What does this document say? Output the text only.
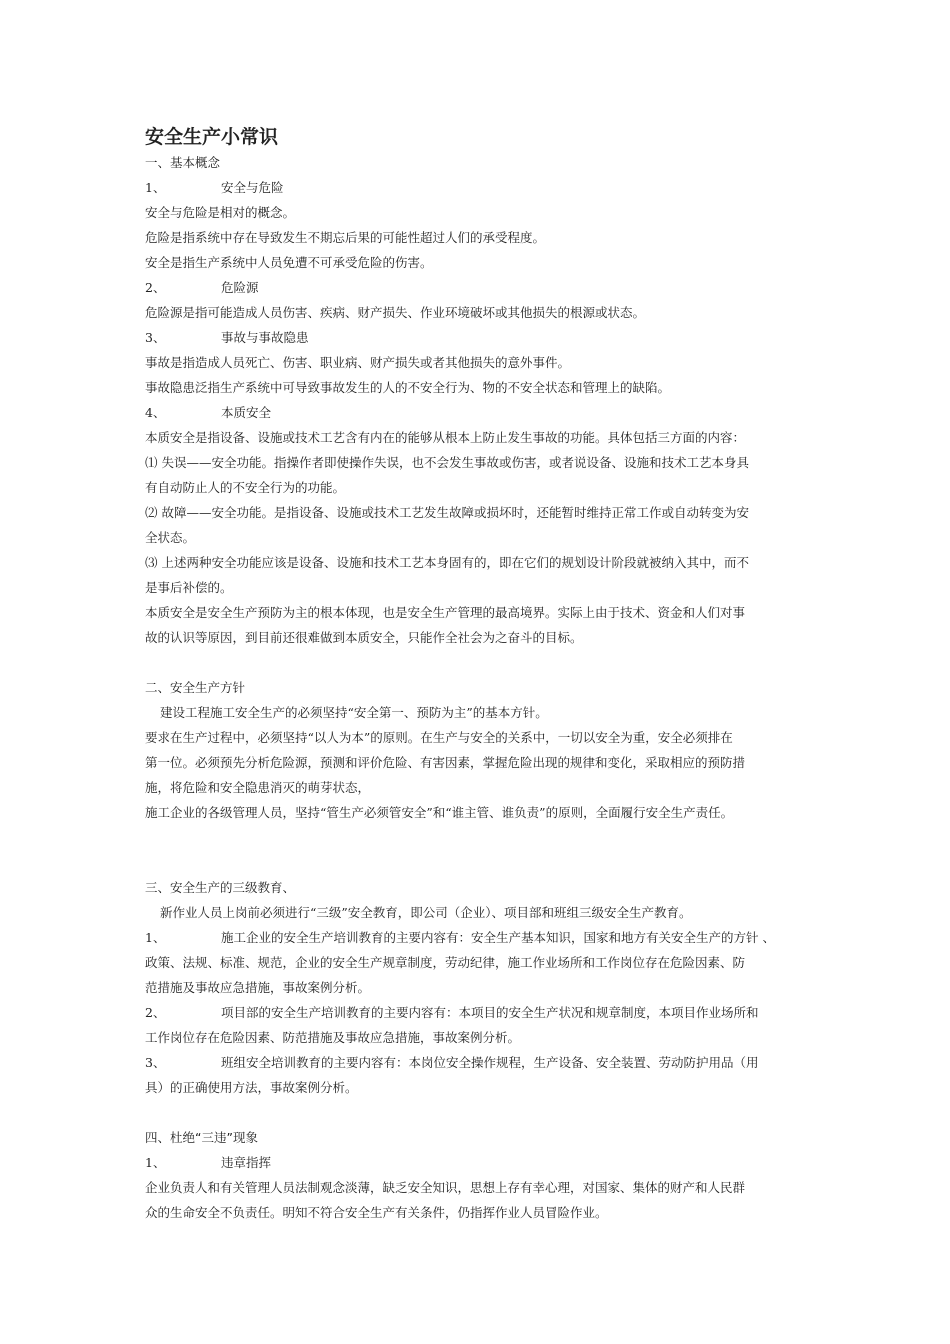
安全生产小常识

一、基本概念

1、	安全与危险

安全与危险是相对的概念。

危险是指系统中存在导致发生不期忘后果的可能性超过人们的承受程度。

安全是指生产系统中人员免遭不可承受危险的伤害。

2、	危险源

危险源是指可能造成人员伤害、疾病、财产损失、作业环境破坏或其他损失的根源或状态。

3、	事故与事故隐患

事故是指造成人员死亡、伤害、职业病、财产损失或者其他损失的意外事件。

事故隐患泛指生产系统中可导致事故发生的人的不安全行为、物的不安全状态和管理上的缺陷。

4、	本质安全

本质安全是指设备、设施或技术工艺含有内在的能够从根本上防止发生事故的功能。具体包括三方面的内容：

⑴ 失误——安全功能。指操作者即使操作失误，也不会发生事故或伤害，或者说设备、设施和技术工艺本身具

有自动防止人的不安全行为的功能。

⑵ 故障——安全功能。是指设备、设施或技术工艺发生故障或损坏时，还能暂时维持正常工作或自动转变为安

全状态。

⑶ 上述两种安全功能应该是设备、设施和技术工艺本身固有的，即在它们的规划设计阶段就被纳入其中，而不

是事后补偿的。

本质安全是安全生产预防为主的根本体现，也是安全生产管理的最高境界。实际上由于技术、资金和人们对事

故的认识等原因，到目前还很难做到本质安全，只能作全社会为之奋斗的目标。

二、安全生产方针

建设工程施工安全生产的必须坚持“安全第一、预防为主”的基本方针。

要求在生产过程中，必须坚持“以人为本”的原则。在生产与安全的关系中，一切以安全为重，安全必须排在

第一位。必须预先分析危险源，预测和评价危险、有害因素，掌握危险出现的规律和变化，采取相应的预防措

施，将危险和安全隐患消灭的萌芽状态，

施工企业的各级管理人员，坚持“管生产必须管安全”和“谁主管、谁负责”的原则，全面履行安全生产责任。

三、安全生产的三级教育、

新作业人员上岗前必须进行“三级”安全教育，即公司（企业）、项目部和班组三级安全生产教育。

1、	施工企业的安全生产培训教育的主要内容有：安全生产基本知识，国家和地方有关安全生产的方针 、

政策、法规、标准、规范，企业的安全生产规章制度，劳动纪律，施工作业场所和工作岗位存在危险因素、防

范措施及事故应急措施，事故案例分析。

2、	项目部的安全生产培训教育的主要内容有：本项目的安全生产状况和规章制度，本项目作业场所和

工作岗位存在危险因素、防范措施及事故应急措施，事故案例分析。

3、	班组安全培训教育的主要内容有：本岗位安全操作规程，生产设备、安全装置、劳动防护用品（用

具）的正确使用方法，事故案例分析。

四、杜绝“三违”现象

1、	违章指挥

企业负责人和有关管理人员法制观念淡薄，缺乏安全知识，思想上存有幸心理，对国家、集体的财产和人民群

众的生命安全不负责任。明知不符合安全生产有关条件，仍指挥作业人员冒险作业。
